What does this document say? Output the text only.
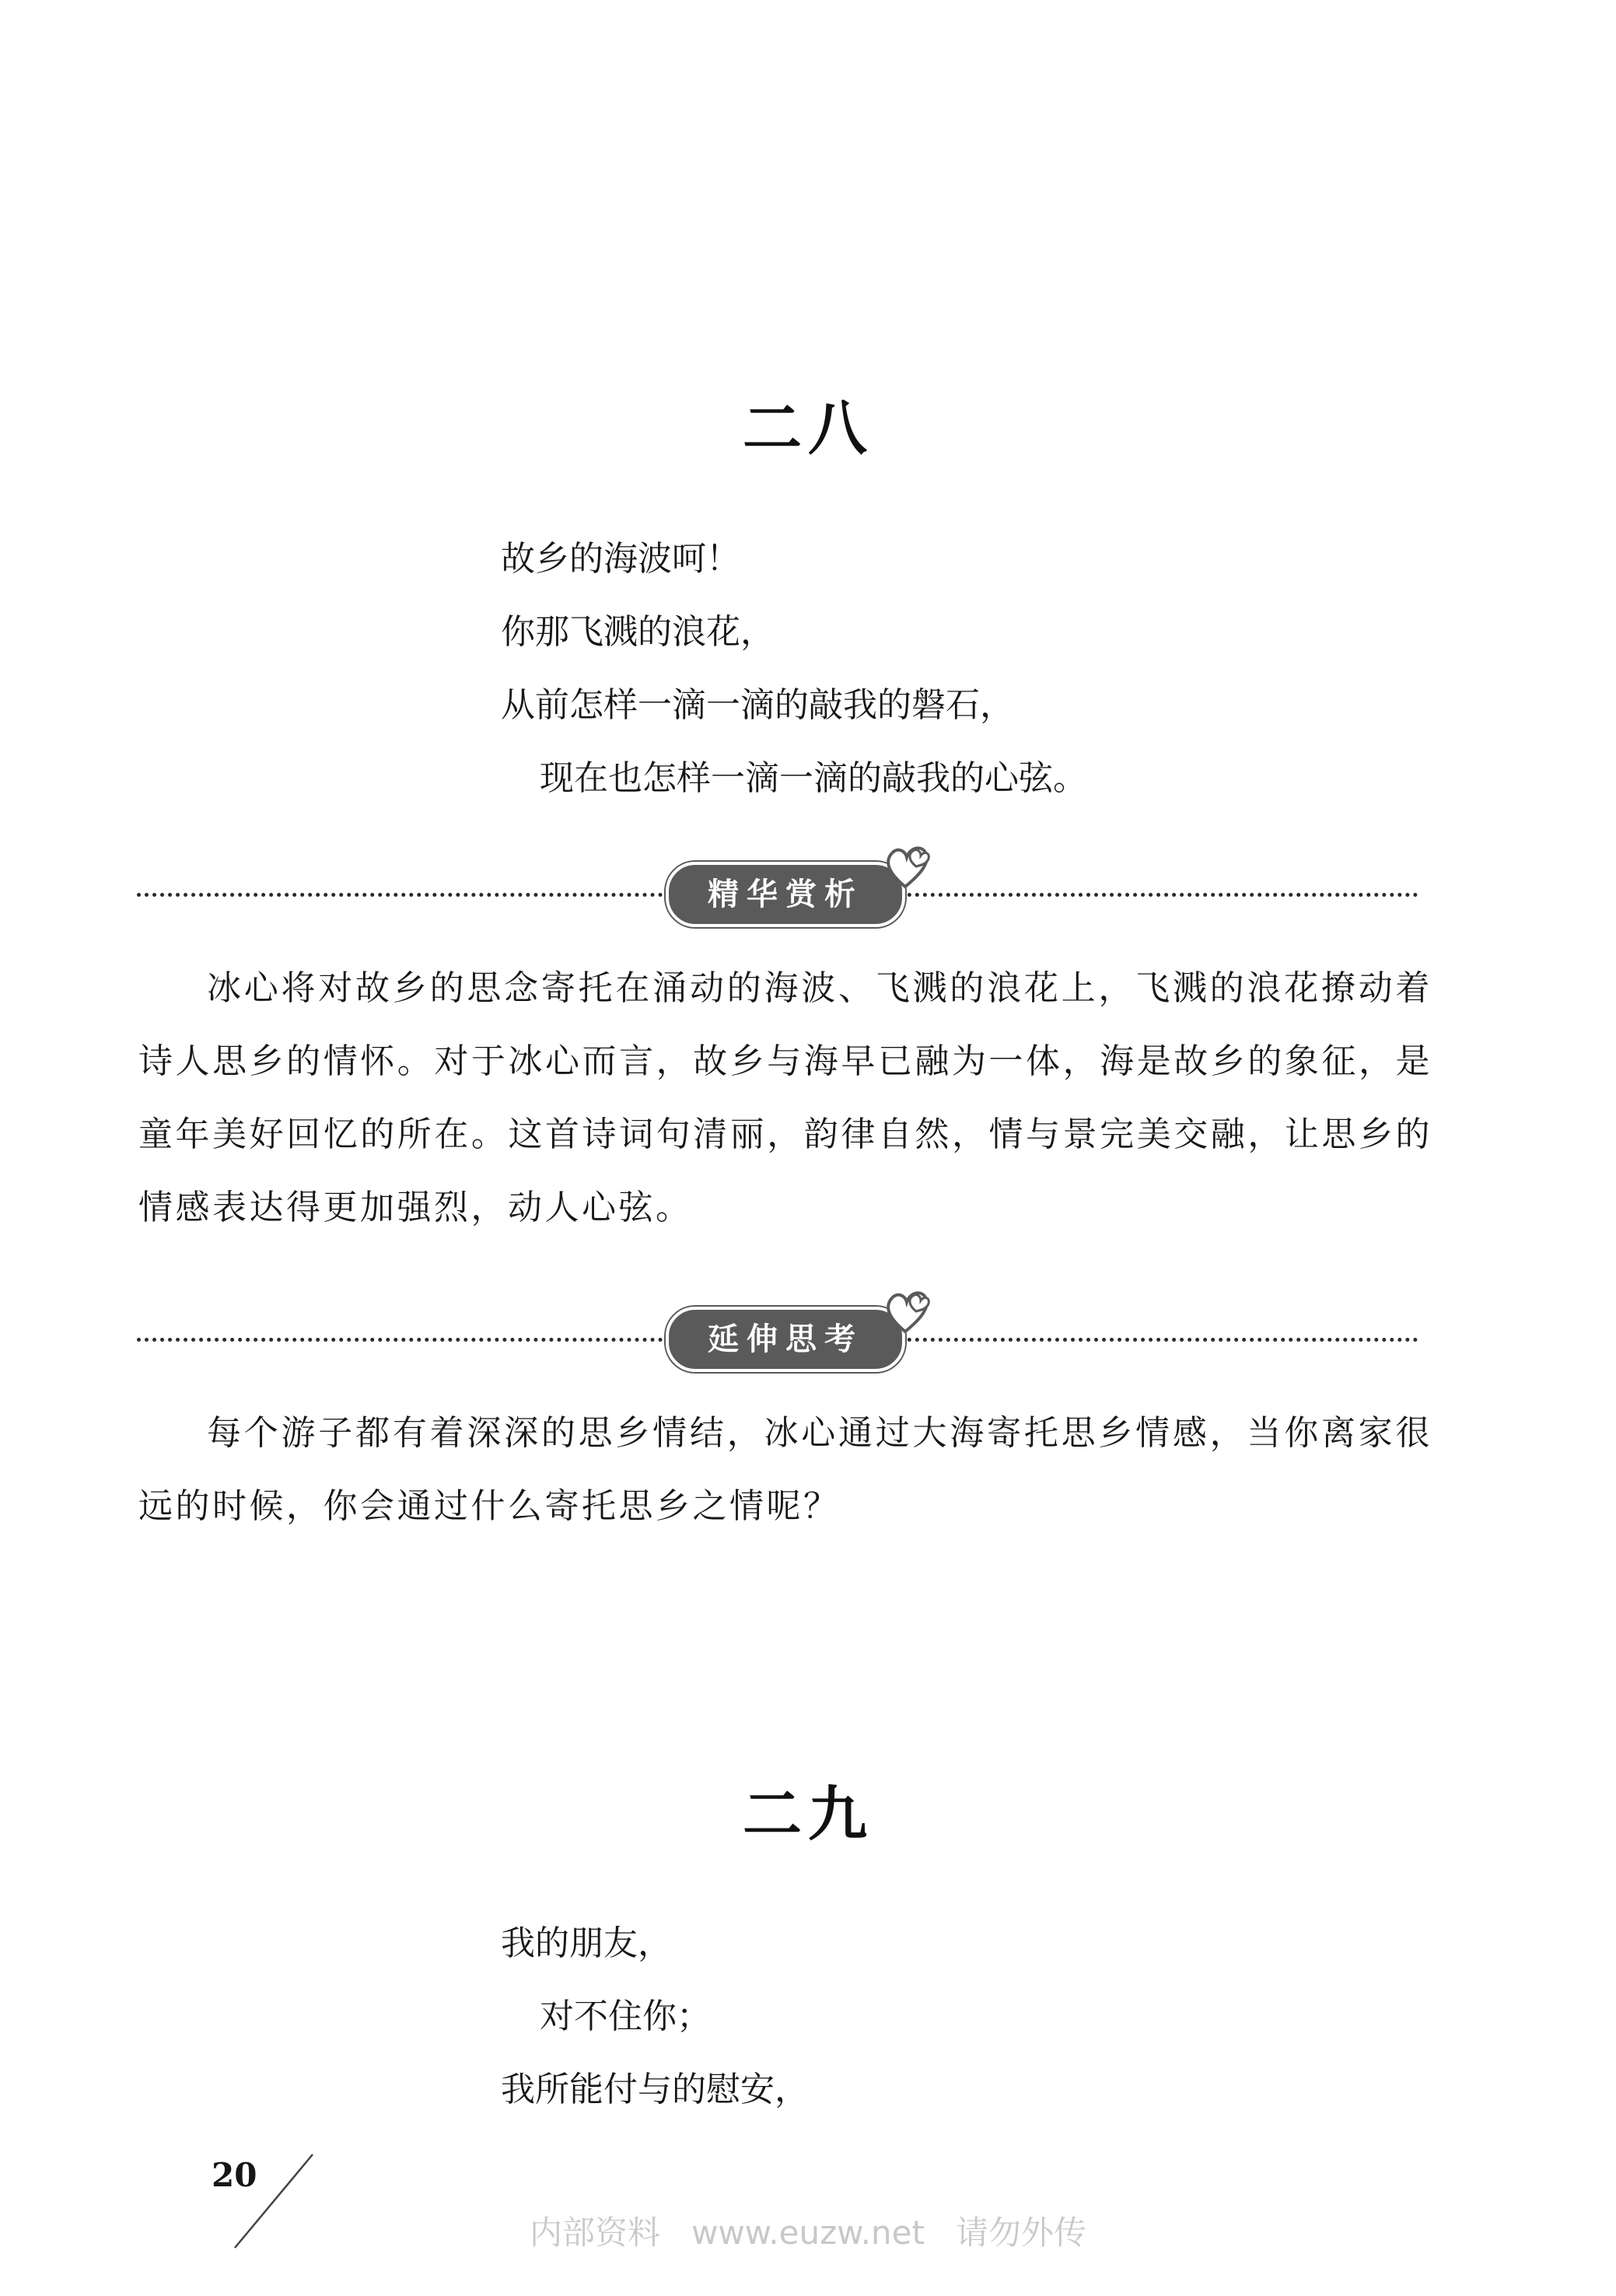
二八
故乡的海波呵！
你那飞溅的浪花，
从前怎样一滴一滴的敲我的磐石，
现在也怎样一滴一滴的敲我的心弦。
精华赏析
冰心将对故乡的思念寄托在涌动的海波、飞溅的浪花上，飞溅的浪花撩动着诗人思乡的情怀。对于冰心而言，故乡与海早已融为一体，海是故乡的象征，是童年美好回忆的所在。这首诗词句清丽，韵律自然，情与景完美交融，让思乡的情感表达得更加强烈，动人心弦。
延伸思考
每个游子都有着深深的思乡情结，冰心通过大海寄托思乡情感，当你离家很远的时候，你会通过什么寄托思乡之情呢？
二九
我的朋友，
对不住你；
我所能付与的慰安，
20
内部资料   www.euzw.net   请勿外传
